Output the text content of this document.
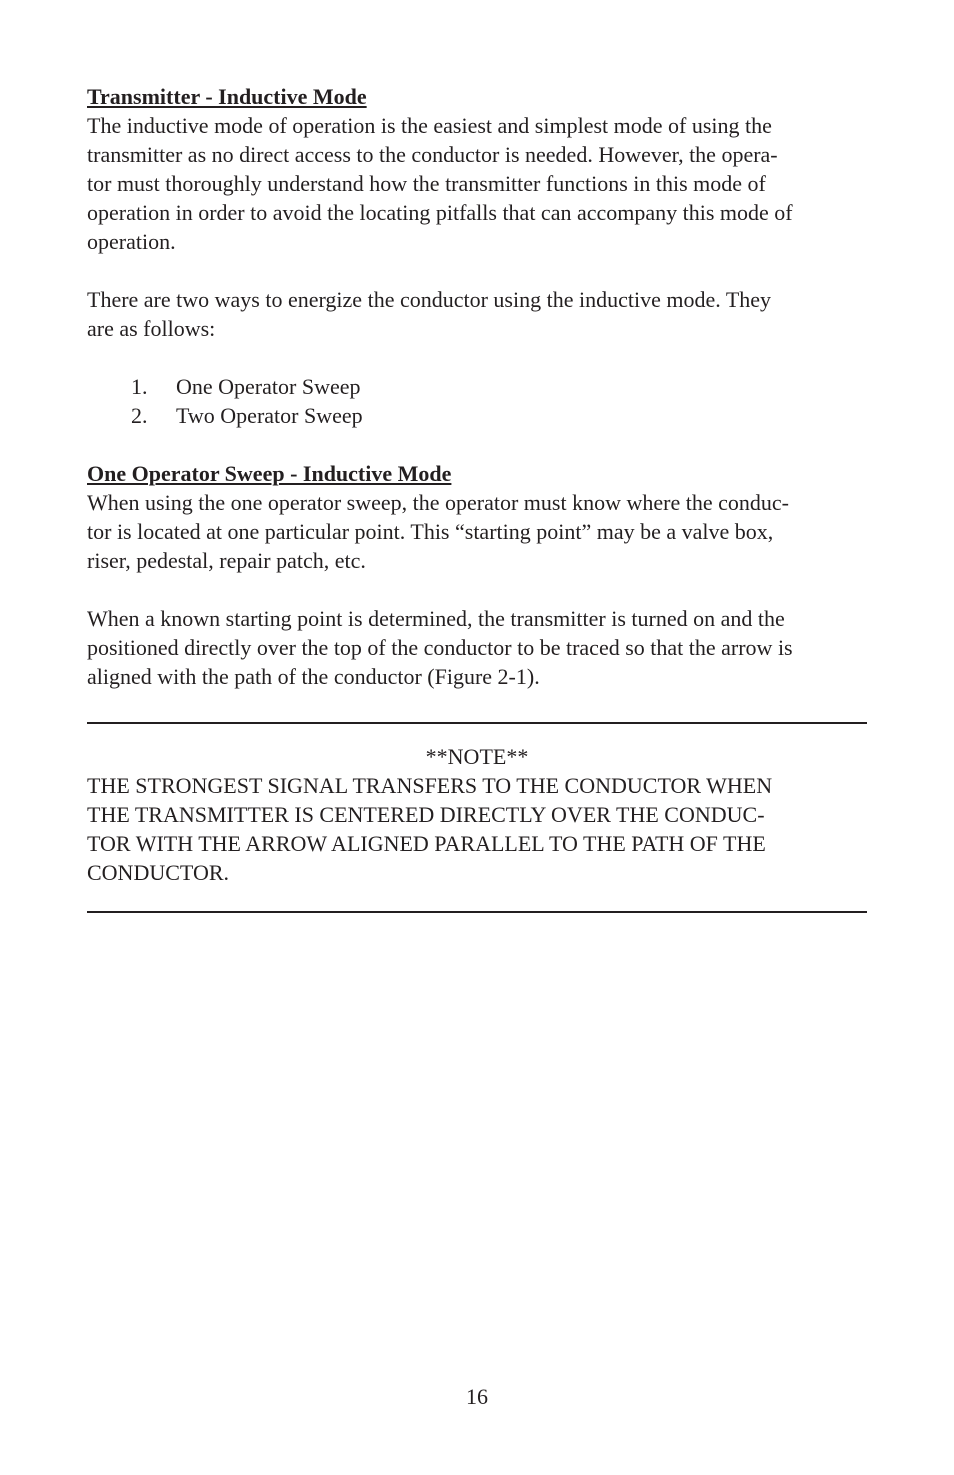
Transmitter - Inductive Mode

The inductive mode of operation is the easiest and simplest mode of using the
transmitter as no direct access to the conductor is needed. However, the opera-
tor must thoroughly understand how the transmitter functions in this mode of
operation in order to avoid the locating pitfalls that can accompany this mode of
operation.

There are two ways to energize the conductor using the inductive mode. They
are as follows:

1.	One Operator Sweep
2.	Two Operator Sweep

One Operator Sweep - Inductive Mode

When using the one operator sweep, the operator must know where the conduc-
tor is located at one particular point. This “starting point” may be a valve box,
riser, pedestal, repair patch, etc.

When a known starting point is determined, the transmitter is turned on and the
positioned directly over the top of the conductor to be traced so that the arrow is
aligned with the path of the conductor (Figure 2-1).

**NOTE**

THE STRONGEST SIGNAL TRANSFERS TO THE CONDUCTOR WHEN
THE TRANSMITTER IS CENTERED DIRECTLY OVER THE CONDUC-
TOR WITH THE ARROW ALIGNED PARALLEL TO THE PATH OF THE
CONDUCTOR.

16
